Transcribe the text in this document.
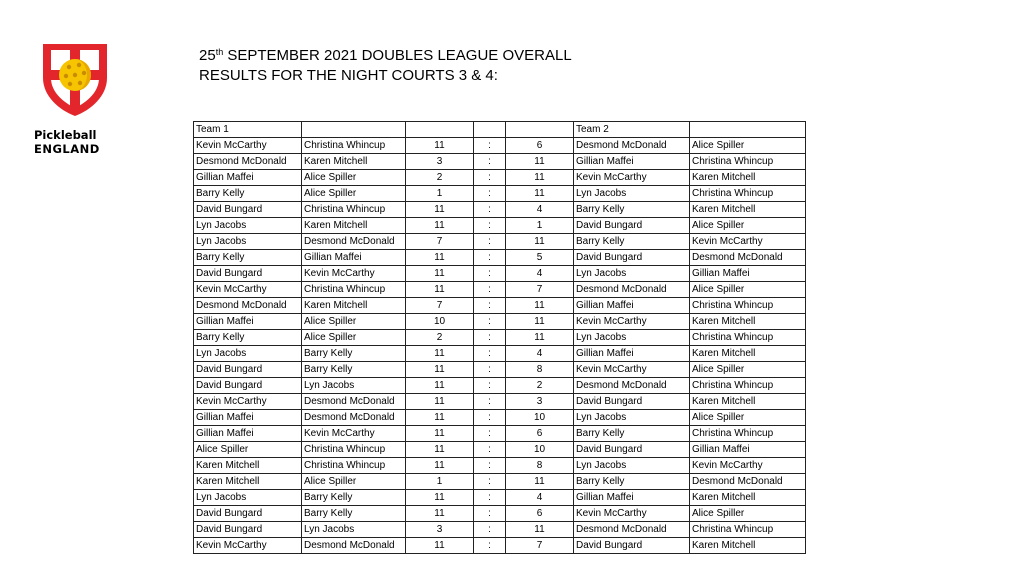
Pickleball
ENGLAND
25th SEPTEMBER 2021 DOUBLES LEAGUE OVERALL
RESULTS FOR THE NIGHT COURTS 3 & 4:
Team 1					Team 2	
Kevin McCarthy	Christina Whincup	11	:	6	Desmond McDonald	Alice Spiller
Desmond McDonald	Karen Mitchell	3	:	11	Gillian Maffei	Christina Whincup
Gillian Maffei	Alice Spiller	2	:	11	Kevin McCarthy	Karen Mitchell
Barry Kelly	Alice Spiller	1	:	11	Lyn Jacobs	Christina Whincup
David Bungard	Christina Whincup	11	:	4	Barry Kelly	Karen Mitchell
Lyn Jacobs	Karen Mitchell	11	:	1	David Bungard	Alice Spiller
Lyn Jacobs	Desmond McDonald	7	:	11	Barry Kelly	Kevin McCarthy
Barry Kelly	Gillian Maffei	11	:	5	David Bungard	Desmond McDonald
David Bungard	Kevin McCarthy	11	:	4	Lyn Jacobs	Gillian Maffei
Kevin McCarthy	Christina Whincup	11	:	7	Desmond McDonald	Alice Spiller
Desmond McDonald	Karen Mitchell	7	:	11	Gillian Maffei	Christina Whincup
Gillian Maffei	Alice Spiller	10	:	11	Kevin McCarthy	Karen Mitchell
Barry Kelly	Alice Spiller	2	:	11	Lyn Jacobs	Christina Whincup
Lyn Jacobs	Barry Kelly	11	:	4	Gillian Maffei	Karen Mitchell
David Bungard	Barry Kelly	11	:	8	Kevin McCarthy	Alice Spiller
David Bungard	Lyn Jacobs	11	:	2	Desmond McDonald	Christina Whincup
Kevin McCarthy	Desmond McDonald	11	:	3	David Bungard	Karen Mitchell
Gillian Maffei	Desmond McDonald	11	:	10	Lyn Jacobs	Alice Spiller
Gillian Maffei	Kevin McCarthy	11	:	6	Barry Kelly	Christina Whincup
Alice Spiller	Christina Whincup	11	:	10	David Bungard	Gillian Maffei
Karen Mitchell	Christina Whincup	11	:	8	Lyn Jacobs	Kevin McCarthy
Karen Mitchell	Alice Spiller	1	:	11	Barry Kelly	Desmond McDonald
Lyn Jacobs	Barry Kelly	11	:	4	Gillian Maffei	Karen Mitchell
David Bungard	Barry Kelly	11	:	6	Kevin McCarthy	Alice Spiller
David Bungard	Lyn Jacobs	3	:	11	Desmond McDonald	Christina Whincup
Kevin McCarthy	Desmond McDonald	11	:	7	David Bungard	Karen Mitchell
